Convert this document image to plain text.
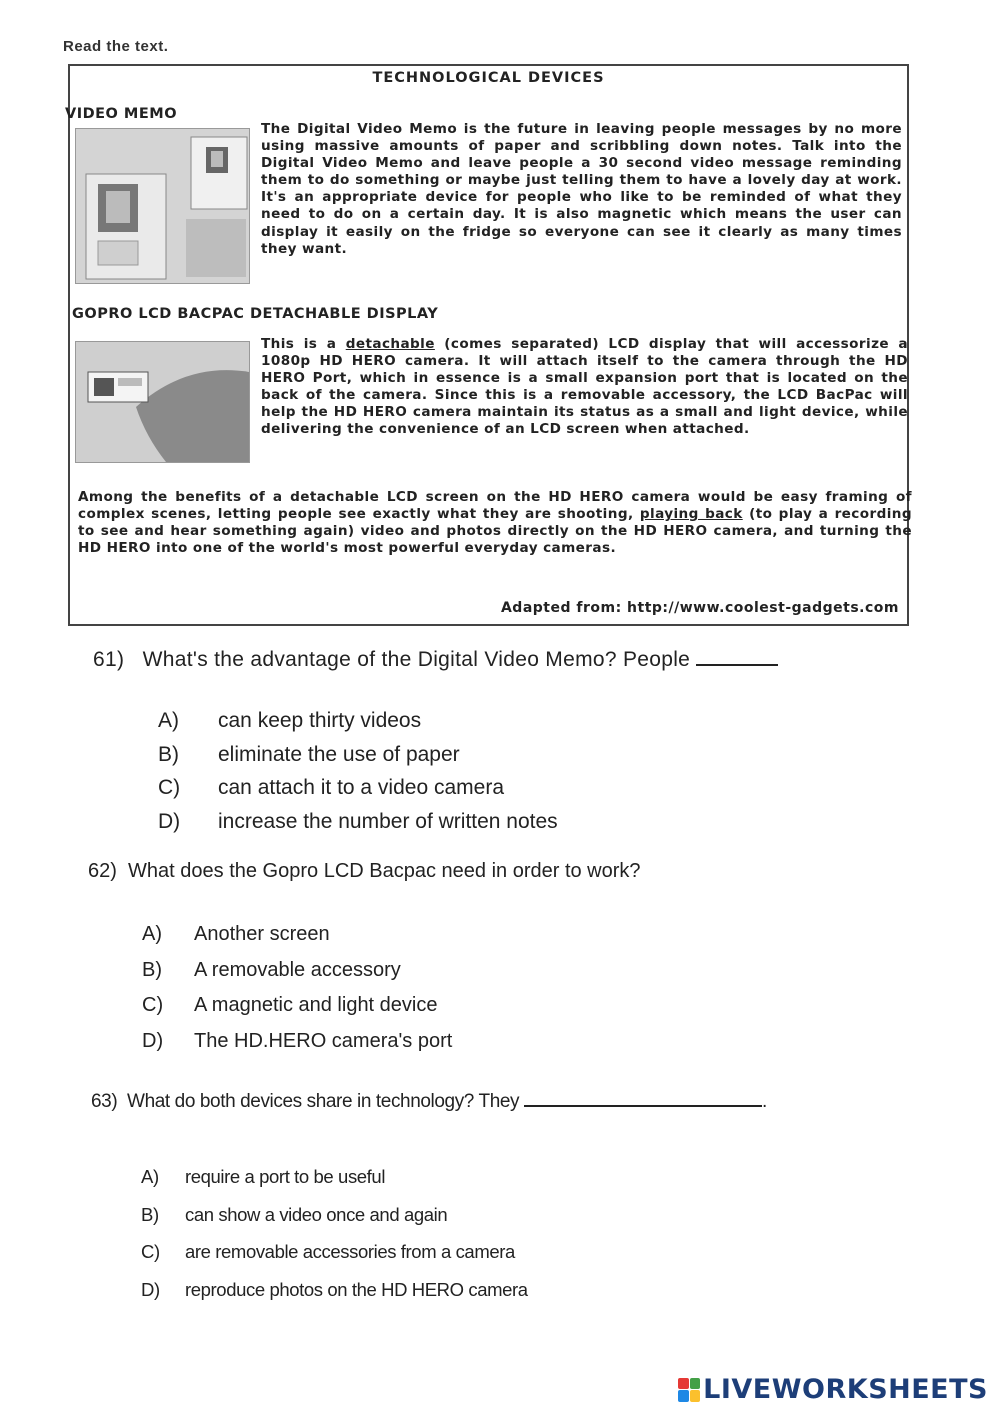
Read the text.
TECHNOLOGICAL DEVICES
VIDEO MEMO
The Digital Video Memo is the future in leaving people messages by no more using massive amounts of paper and scribbling down notes. Talk into the Digital Video Memo and leave people a 30 second video message reminding them to do something or maybe just telling them to have a lovely day at work. It's an appropriate device for people who like to be reminded of what they need to do on a certain day. It is also magnetic which means the user can display it easily on the fridge so everyone can see it clearly as many times they want.
GOPRO LCD BACPAC DETACHABLE DISPLAY
This is a detachable (comes separated) LCD display that will accessorize a 1080p HD HERO camera. It will attach itself to the camera through the HD HERO Port, which in essence is a small expansion port that is located on the back of the camera. Since this is a removable accessory, the LCD BacPac will help the HD HERO camera maintain its status as a small and light device, while delivering the convenience of an LCD screen when attached.
Among the benefits of a detachable LCD screen on the HD HERO camera would be easy framing of complex scenes, letting people see exactly what they are shooting, playing back (to play a recording to see and hear something again) video and photos directly on the HD HERO camera, and turning the HD HERO into one of the world's most powerful everyday cameras.
Adapted from: http://www.coolest-gadgets.com
61) What's the advantage of the Digital Video Memo? People
A) can keep thirty videos
B) eliminate the use of paper
C) can attach it to a video camera
D) increase the number of written notes
62) What does the Gopro LCD Bacpac need in order to work?
A) Another screen
B) A removable accessory
C) A magnetic and light device
D) The HD.HERO camera's port
63) What do both devices share in technology? They	.
A) require a port to be useful
B) can show a video once and again
C) are removable accessories from a camera
D) reproduce photos on the HD HERO camera
LIVEWORKSHEETS
